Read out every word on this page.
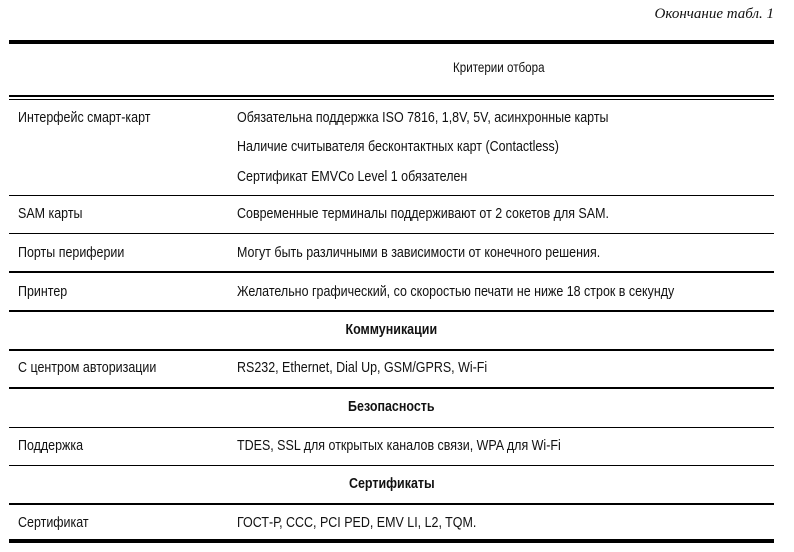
Окончание табл. 1
Критерии отбора
Интерфейс смарт-карт	Обязательна поддержка ISO 7816, 1,8V, 5V, асинхронные карты
Наличие считывателя бесконтактных карт (Contactless)
Сертификат EMVCo Level 1 обязателен
SAM карты	Современные терминалы поддерживают от 2 сокетов для SAM.
Порты периферии	Могут быть различными в зависимости от конечного решения.
Принтер	Желательно графический, со скоростью печати не ниже 18 строк в секунду
Коммуникации
С центром авторизации	RS232, Ethernet, Dial Up, GSM/GPRS, Wi-Fi
Безопасность
Поддержка	TDES, SSL для открытых каналов связи, WPA для Wi-Fi
Сертификаты
Сертификат	ГОСТ-Р, CCC, PCI PED, EMV LI, L2, TQM.
